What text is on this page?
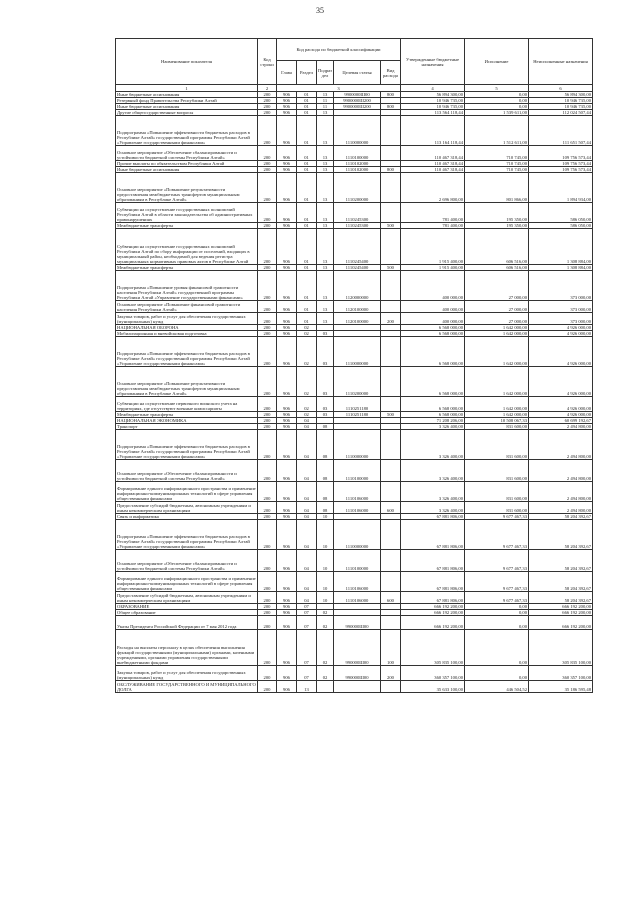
35
Наименование показателя	Код строки	Код расхода по бюджетной классификации					Утвержденные бюджетные назначения	Исполнение	Неисполненные назначения
		Глава	Раздел	Подраз дел	Целевая статья	Вид расхода			
1	2	3					4	5	6
Иные бюджетные ассигнования	200	906	01	13	9900000Ш00	800	56 894 300,00	0,00	56 894 300,00
Резервный фонд Правительства Республики Алтай	200	906	01	11	9900000Ш200		10 946 735,00	0,00	10 946 735,00
Иные бюджетные ассигнования	200	906	01	11	9900000Ш200	800	10 946 735,00	0,00	10 946 735,00
Другие общегосударственные вопросы	200	906	01	13			113 564 118,44	1 539 611,00	112 024 507,44
Подпрограмма «Повышение эффективности бюджетных расходов в Республике Алтай» государственной программы Республики Алтай «Управление государственными финансами»	200	906	01	13	1110000000		113 164 118,44	1 512 611,00	111 651 507,44
Основное мероприятие «Обеспечение сбалансированности и устойчивости бюджетной системы Республики Алтай»	200	906	01	13	1110100000		110 467 318,44	710 745,00	109 756 573,44
Прочие выплаты по обязательствам Республики Алтай	200	906	01	13	1110102000		110 467 318,44	710 745,00	109 756 573,44
Иные бюджетные ассигнования	200	906	01	13	1110102000	800	110 467 318,44	710 745,00	109 756 573,44
Основное мероприятие «Повышение результативности предоставления межбюджетных трансфертов муниципальным образованиям в Республике Алтай»	200	906	01	13	1110200000		2 696 800,00	801 866,00	1 894 934,00
Субвенции на осуществление государственных полномочий Республики Алтай в области законодательства об административных правонарушениях	200	906	01	13	1110245300		781 400,00	195 350,00	586 050,00
Межбюджетные трансферты	200	906	01	13	1110245300	500	781 400,00	195 350,00	586 050,00
Субвенции на осуществление государственных полномочий Республики Алтай по сбору информации от поселений, входящих в муниципальный район, необходимой для ведения регистра муниципальных нормативных правовых актов в Республике Алтай	200	906	01	13	1110245400		1 915 400,00	606 516,00	1 308 884,00
Межбюджетные трансферты	200	906	01	13	1110245400	500	1 915 400,00	606 516,00	1 308 884,00
Подпрограмма «Повышение уровня финансовой грамотности населения Республики Алтай» государственной программы Республики Алтай «Управление государственными финансами»	200	906	01	13	1120000000		400 000,00	27 000,00	373 000,00
Основное мероприятие «Повышение финансовой грамотности населения Республики Алтай»	200	906	01	13	1120100000		400 000,00	27 000,00	373 000,00
Закупка товаров, работ и услуг для обеспечения государственных (муниципальных) нужд	200	906	01	13	1120100000	200	400 000,00	27 000,00	373 000,00
НАЦИОНАЛЬНАЯ ОБОРОНА	200	906	02				6 568 000,00	1 642 000,00	4 926 000,00
Мобилизационная и вневойсковая подготовка	200	906	02	03			6 568 000,00	1 642 000,00	4 926 000,00
Подпрограмма «Повышение эффективности бюджетных расходов в Республике Алтай» государственной программы Республики Алтай «Управление государственными финансами»	200	906	02	03	1110000000		6 568 000,00	1 642 000,00	4 926 000,00
Основное мероприятие «Повышение результативности предоставления межбюджетных трансфертов муниципальным образованиям в Республике Алтай»	200	906	02	03	1110200000		6 568 000,00	1 642 000,00	4 926 000,00
Субвенции на осуществление первичного воинского учета на территориях, где отсутствуют военные комиссариаты	200	906	02	03	1110251180		6 568 000,00	1 642 000,00	4 926 000,00
Межбюджетные трансферты	200	906	02	03	1110251180	500	6 568 000,00	1 642 000,00	4 926 000,00
НАЦИОНАЛЬНАЯ ЭКОНОМИКА	200	906	04				71 208 206,00	10 508 067,33	60 699 192,67
Транспорт	200	906	04	08			3 326 400,00	831 600,00	2 494 800,00
Подпрограмма «Повышение эффективности бюджетных расходов в Республике Алтай» государственной программы Республики Алтай «Управление государственными финансами»	200	906	04	08	1110000000		3 326 400,00	831 600,00	2 494 800,00
Основное мероприятие «Обеспечение сбалансированности и устойчивости бюджетной системы Республики Алтай»	200	906	04	08	1110100000		3 326 400,00	831 600,00	2 494 800,00
Формирование единого информационного пространства и применение информационно-коммуникационных технологий в сфере управления общественными финансами	200	906	04	08	1110106000		3 326 400,00	831 600,00	2 494 800,00
Предоставление субсидий бюджетным, автономным учреждениям и иным некоммерческим организациям	200	906	04	08	1110106000	600	3 326 400,00	831 600,00	2 494 800,00
Связь и информатика	200	906	04	10			67 881 806,00	9 677 467,33	58 204 392,67
Подпрограмма «Повышение эффективности бюджетных расходов в Республике Алтай» государственной программы Республики Алтай «Управление государственными финансами»	200	906	04	10	1110000000		67 881 806,00	9 677 467,33	58 204 392,67
Основное мероприятие «Обеспечение сбалансированности и устойчивости бюджетной системы Республики Алтай»	200	906	04	10	1110100000		67 881 806,00	9 677 467,33	58 204 392,67
Формирование единого информационного пространства и применение информационно-коммуникационных технологий в сфере управления общественными финансами	200	906	04	10	1110106000		67 881 806,00	9 677 467,33	58 204 392,67
Предоставление субсидий бюджетным, автономным учреждениям и иным некоммерческим организациям	200	906	04	10	1110106000	600	67 881 806,00	9 677 467,33	58 204 392,67
ОБРАЗОВАНИЕ	200	906	07				666 192 200,00	0,00	666 192 200,00
Общее образование	200	906	07	02			666 192 200,00	0,00	666 192 200,00
Указы Президента Российской Федерации от 7 мая 2012 года	200	906	07	02	990000Ш00		666 192 200,00	0,00	666 192 200,00
Расходы на выплаты персоналу в целях обеспечения выполнения функций государственными (муниципальными) органами, казенными учреждениями, органами управления государственными внебюджетными фондами	200	906	07	02	990000Ш00	100	305 835 100,00	0,00	305 835 100,00
Закупка товаров, работ и услуг для обеспечения государственных (муниципальных) нужд	200	906	07	02	990000Ш00	200	360 357 100,00	0,00	360 357 100,00
ОБСЛУЖИВАНИЕ ГОСУДАРСТВЕННОГО И МУНИЦИПАЛЬНОГО ДОЛГА	200	906	13				35 633 100,00	446 504,52	35 186 595,48
